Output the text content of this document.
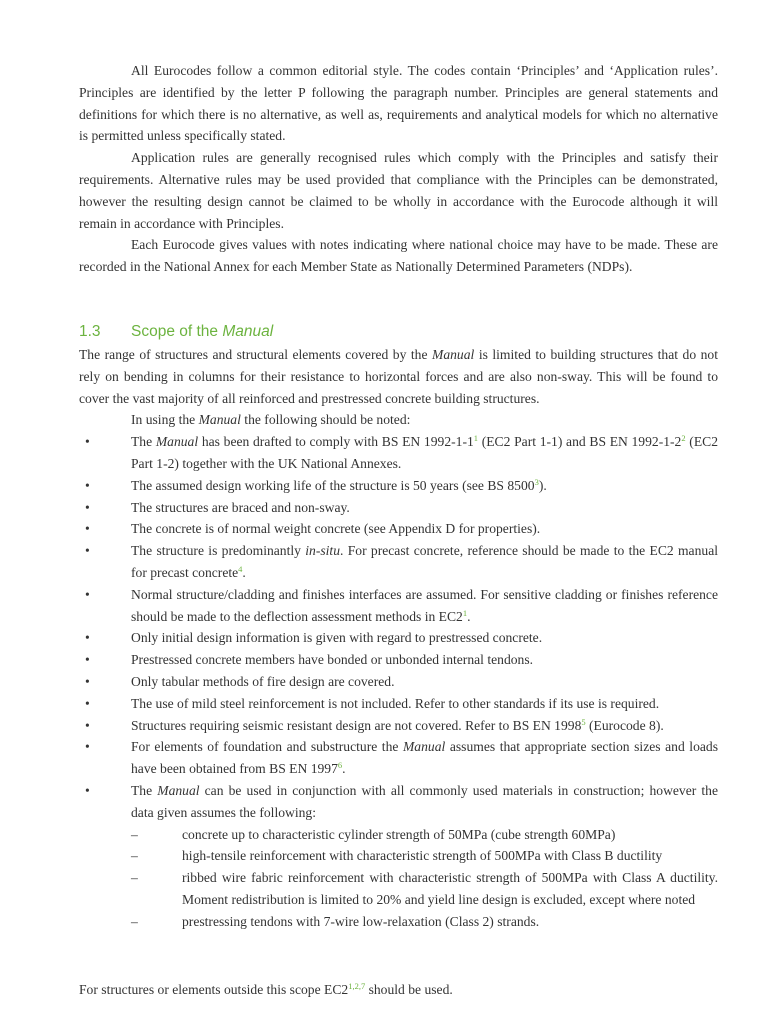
All Eurocodes follow a common editorial style. The codes contain ‘Principles’ and ‘Application rules’. Principles are identified by the letter P following the paragraph number. Principles are general statements and definitions for which there is no alternative, as well as, requirements and analytical models for which no alternative is permitted unless specifically stated.

Application rules are generally recognised rules which comply with the Principles and satisfy their requirements. Alternative rules may be used provided that compliance with the Principles can be demonstrated, however the resulting design cannot be claimed to be wholly in accordance with the Eurocode although it will remain in accordance with Principles.

Each Eurocode gives values with notes indicating where national choice may have to be made. These are recorded in the National Annex for each Member State as Nationally Determined Parameters (NDPs).

1.3 Scope of the Manual

The range of structures and structural elements covered by the Manual is limited to building structures that do not rely on bending in columns for their resistance to horizontal forces and are also non-sway. This will be found to cover the vast majority of all reinforced and prestressed concrete building structures.

In using the Manual the following should be noted:

•	The Manual has been drafted to comply with BS EN $1992-1-1^1$ (EC2 Part 1-1) and BS EN $1992-1-2^2$ (EC2 Part 1-2) together with the UK National Annexes.
•	The assumed design working life of the structure is 50 years (see BS 8500$^3$).
•	The structures are braced and non-sway.
•	The concrete is of normal weight concrete (see Appendix D for properties).
•	The structure is predominantly in-situ. For precast concrete, reference should be made to the EC2 manual for precast concrete$^4$.
•	Normal structure/cladding and finishes interfaces are assumed. For sensitive cladding or finishes reference should be made to the deflection assessment methods in $EC2^1$.
•	Only initial design information is given with regard to prestressed concrete.
•	Prestressed concrete members have bonded or unbonded internal tendons.
•	Only tabular methods of fire design are covered.
•	The use of mild steel reinforcement is not included. Refer to other standards if its use is required.
•	Structures requiring seismic resistant design are not covered. Refer to BS EN 1998$^5$ (Eurocode 8).
•	For elements of foundation and substructure the Manual assumes that appropriate section sizes and loads have been obtained from BS EN 1997$^6$.
•	The Manual can be used in conjunction with all commonly used materials in construction; however the data given assumes the following:
–	concrete up to characteristic cylinder strength of 50MPa (cube strength 60MPa)
–	high-tensile reinforcement with characteristic strength of 500MPa with Class B ductility
–	ribbed wire fabric reinforcement with characteristic strength of 500MPa with Class A ductility. Moment redistribution is limited to 20% and yield line design is excluded, except where noted
–	prestressing tendons with 7-wire low-relaxation (Class 2) strands.
For structures or elements outside this scope EC2$^{1,2,7}$ should be used.
